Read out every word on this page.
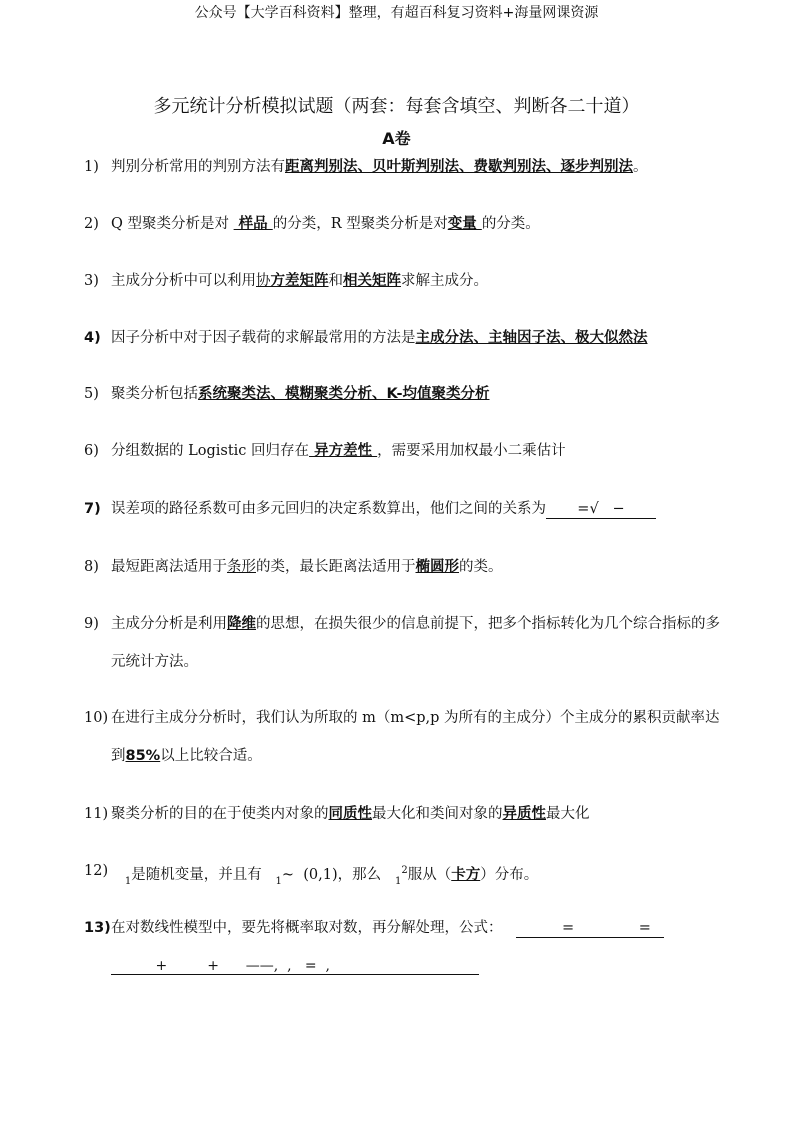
公众号【大学百科资料】整理，有超百科复习资料+海量网课资源
多元统计分析模拟试题（两套：每套含填空、判断各二十道）
A卷
1) 判别分析常用的判别方法有距离判别法、贝叶斯判别法、费歇判别法、逐步判别法。
2) Q 型聚类分析是对  样品 的分类，R 型聚类分析是对变量 的分类。
3) 主成分分析中可以利用协方差矩阵和相关矩阵求解主成分。
4) 因子分析中对于因子载荷的求解最常用的方法是主成分法、主轴因子法、极大似然法
5) 聚类分析包括系统聚类法、模糊聚类分析、K-均值聚类分析
6) 分组数据的 Logistic 回归存在 异方差性 ，需要采用加权最小二乘估计
7) 误差项的路径系数可由多元回归的决定系数算出，他们之间的关系为    =√   −
8) 最短距离法适用于条形的类，最长距离法适用于椭圆形的类。
9) 主成分分析是利用降维的思想，在损失很少的信息前提下，把多个指标转化为几个综合指标的多元统计方法。
10) 在进行主成分分析时，我们认为所取的 m（m<p,p 为所有的主成分）个主成分的累积贡献率达到85%以上比较合适。
11) 聚类分析的目的在于使类内对象的同质性最大化和类间对象的异质性最大化
12)
$_1$是随机变量，并且有   $_1$~  (0,1)，那么   $_1^2$服从（卡方）分布。
13) 在对数线性模型中，要先将概率取对数，再分解处理，公式：          =              =
+         +      ——,  ,   =  ,
